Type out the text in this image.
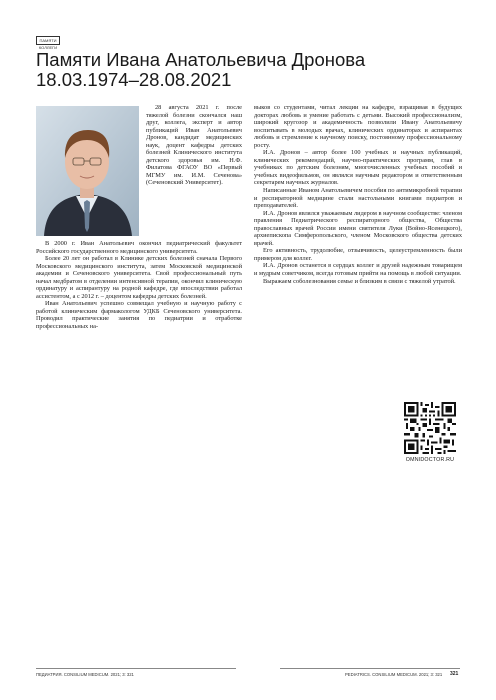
ПАМЯТИ КОЛЛЕГИ
Памяти Ивана Анатольевича Дронова
18.03.1974–28.08.2021

28 августа 2021 г. после тяжелой болезни скончался наш друг, коллега, эксперт и автор публикаций Иван Анатольевич Дронов, кандидат медицинских наук, доцент кафедры детских болезней Клинического института детского здоровья им. Н.Ф. Филатова ФГАОУ ВО «Первый МГМУ им. И.М. Сеченова» (Сеченовский Университет).

В 2000 г. Иван Анатольевич окончил педиатрический факультет Российского государственного медицинского университета.

Более 20 лет он работал в Клинике детских болезней сначала Первого Московского медицинского института, затем Московской медицинской академии и Сеченовского университета. Свой профессиональный путь начал медбратом в отделении интенсивной терапии, окончил клиническую ординатуру и аспирантуру на родной кафедре, где впоследствии работал ассистентом, а с 2012 г. – доцентом кафедры детских болезней.

Иван Анатольевич успешно совмещал учебную и научную работу с работой клиническим фармакологом УДКБ Сеченовского университета. Проводил практические занятия по педиатрии и отработке профессиональных на-

выков со студентами, читал лекции на кафедре, взращивая в будущих докторах любовь и умение работать с детьми. Высокий профессионализм, широкий кругозор и академичность позволили Ивану Анатольевичу воспитывать в молодых врачах, клинических ординаторах и аспирантах любовь и стремление к научному поиску, постоянному профессиональному росту.

И.А. Дронов – автор более 100 учебных и научных публикаций, клинических рекомендаций, научно-практических программ, глав в учебниках по детским болезням, многочисленных учебных пособий и учебных видеофильмов, он являлся научным редактором и ответственным секретарем научных журналов.

Написанные Иваном Анатольевичем пособия по антимикробной терапии и респираторной медицине стали настольными книгами педиатров и преподавателей.

И.А. Дронов являлся уважаемым лидером в научном сообществе: членом правления Педиатрического респираторного общества, Общества православных врачей России имени святителя Луки (Войно-Ясенецкого), архиепископа Симферопольского, членом Московского общества детских врачей.

Его активность, трудолюбие, отзывчивость, целеустремленность были примером для коллег.

И.А. Дронов останется в сердцах коллег и друзей надежным товарищем и мудрым советчиком, всегда готовым прийти на помощь в любой ситуации.

Выражаем соболезнования семье и близким в связи с тяжелой утратой.

OMNIDOCTOR.RU
ПЕДИАТРИЯ. CONSILIUM MEDICUM. 2021; 3: 321	PEDIATRICS. CONSILIUM MEDICUM. 2021; 3: 321 321
